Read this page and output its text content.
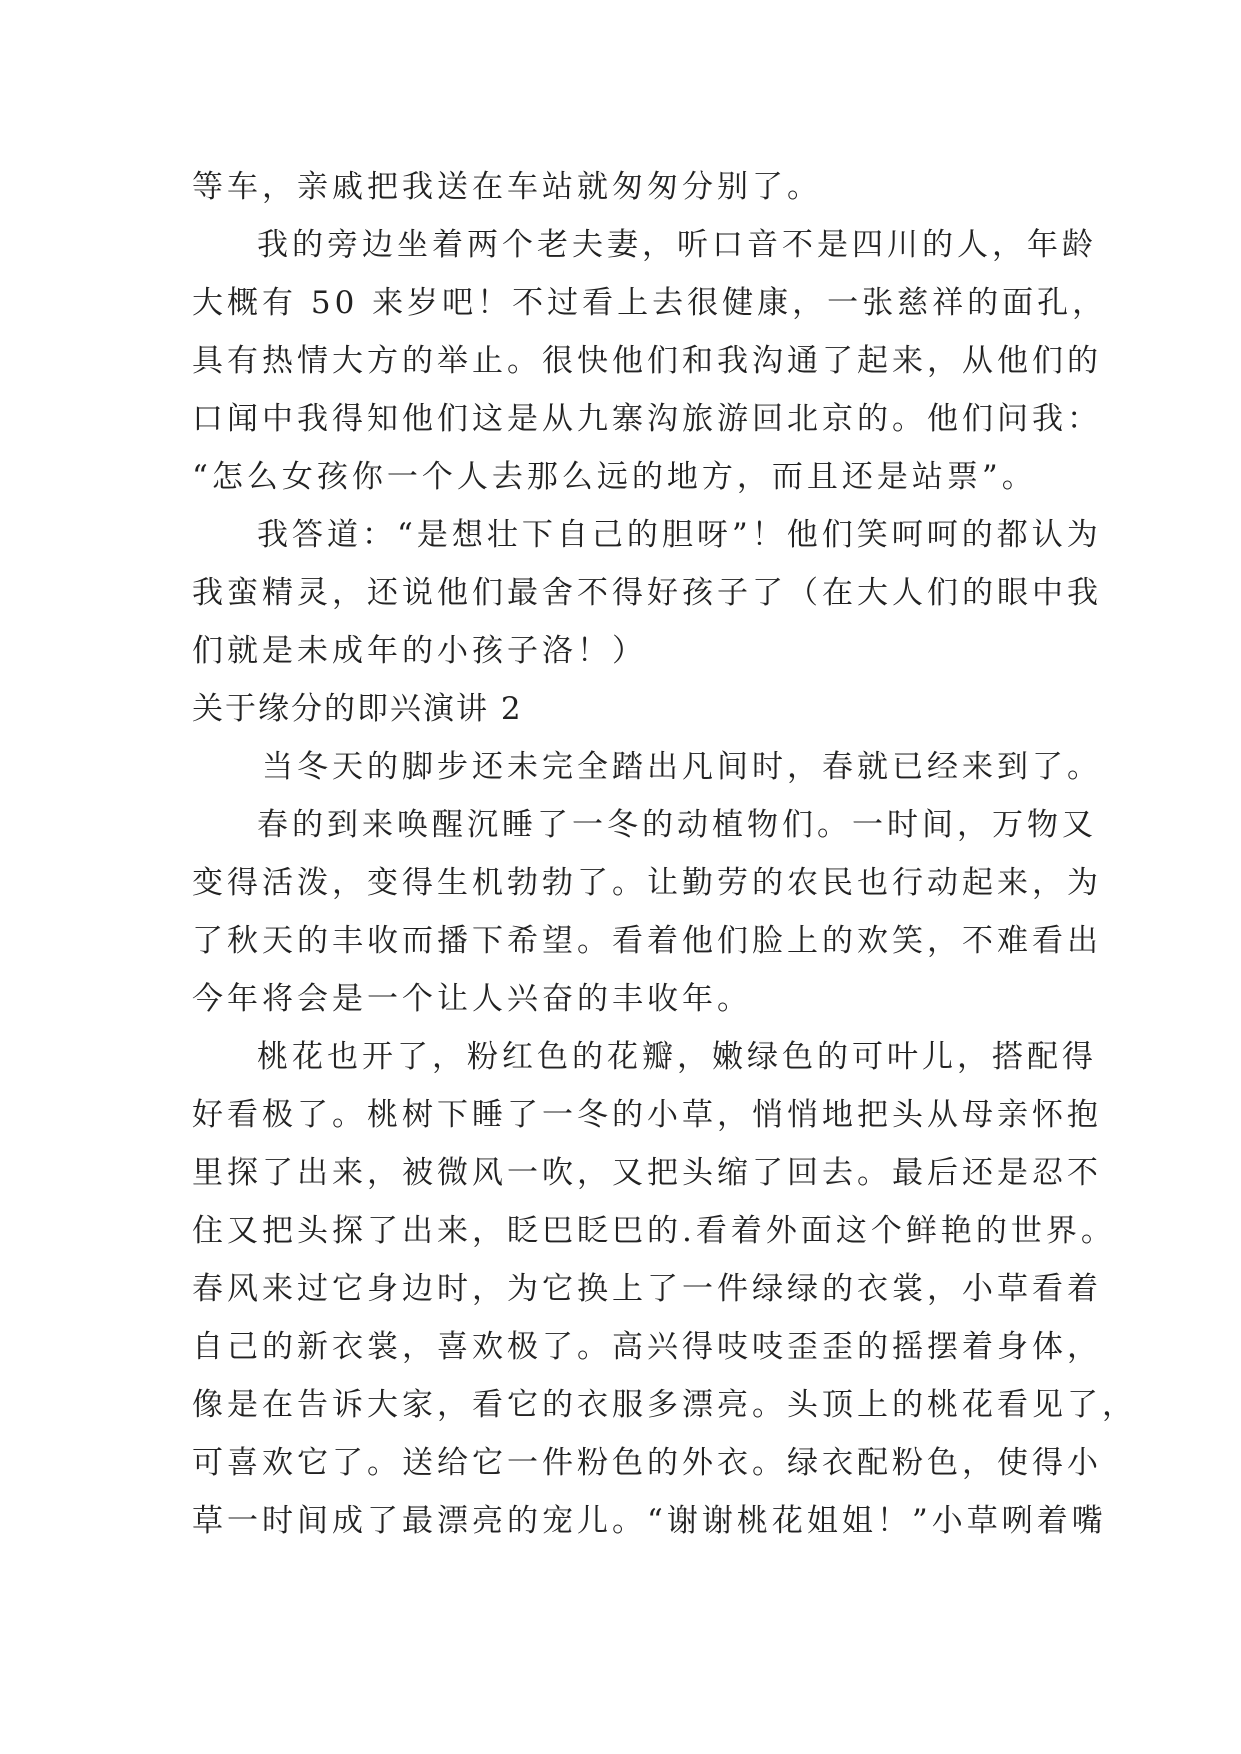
等车，亲戚把我送在车站就匆匆分别了。
我的旁边坐着两个老夫妻，听口音不是四川的人，年龄
大概有 50 来岁吧！不过看上去很健康，一张慈祥的面孔，
具有热情大方的举止。很快他们和我沟通了起来，从他们的
口闻中我得知他们这是从九寨沟旅游回北京的。他们问我：
“怎么女孩你一个人去那么远的地方，而且还是站票”。
我答道：“是想壮下自己的胆呀”！他们笑呵呵的都认为
我蛮精灵，还说他们最舍不得好孩子了（在大人们的眼中我
们就是未成年的小孩子洛！）
关于缘分的即兴演讲 2
当冬天的脚步还未完全踏出凡间时，春就已经来到了。
春的到来唤醒沉睡了一冬的动植物们。一时间，万物又
变得活泼，变得生机勃勃了。让勤劳的农民也行动起来，为
了秋天的丰收而播下希望。看着他们脸上的欢笑，不难看出
今年将会是一个让人兴奋的丰收年。
桃花也开了，粉红色的花瓣，嫩绿色的可叶儿，搭配得
好看极了。桃树下睡了一冬的小草，悄悄地把头从母亲怀抱
里探了出来，被微风一吹，又把头缩了回去。最后还是忍不
住又把头探了出来，眨巴眨巴的.看着外面这个鲜艳的世界。
春风来过它身边时，为它换上了一件绿绿的衣裳，小草看着
自己的新衣裳，喜欢极了。高兴得吱吱歪歪的摇摆着身体，
像是在告诉大家，看它的衣服多漂亮。头顶上的桃花看见了，
可喜欢它了。送给它一件粉色的外衣。绿衣配粉色，使得小
草一时间成了最漂亮的宠儿。“谢谢桃花姐姐！”小草咧着嘴
